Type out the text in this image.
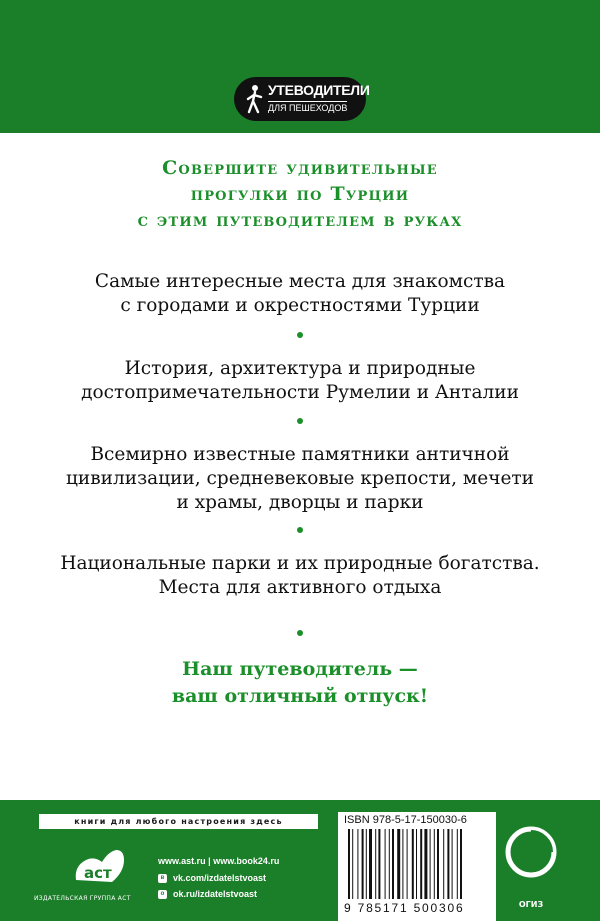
УТЕВОДИТЕЛИ
ДЛЯ ПЕШЕХОДОВ
Совершите удивительные
прогулки по Турции
с этим путеводителем в руках
Самые интересные места для знакомства
с городами и окрестностями Турции
История, архитектура и природные
достопримечательности Румелии и Анталии
Всемирно известные памятники античной
цивилизации, средневековые крепости, мечети
и храмы, дворцы и парки
Национальные парки и их природные богатства.
Места для активного отдыха
Наш путеводитель —
ваш отличный отпуск!
книги для любого настроения здесь
аст
ИЗДАТЕЛЬСКАЯ ГРУППА АСТ
www.ast.ru | www.book24.ru
в vk.com/izdatelstvoast
о ok.ru/izdatelstvoast
ISBN 978-5-17-150030-6
9 785171 500306	ОГИЗ
